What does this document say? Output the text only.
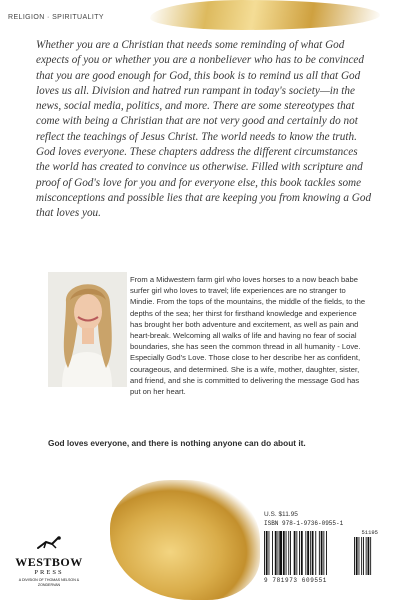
RELIGION · SPIRITUALITY

Whether you are a Christian that needs some reminding of what God expects of you or whether you are a nonbeliever who has to be convinced that you are good enough for God, this book is to remind us all that God loves us all. Division and hatred run rampant in today's society—in the news, social media, politics, and more. There are some stereotypes that come with being a Christian that are not very good and certainly do not reflect the teachings of Jesus Christ. The world needs to know the truth. God loves everyone. These chapters address the different circumstances the world has created to convince us otherwise. Filled with scripture and proof of God's love for you and for everyone else, this book tackles some misconceptions and possible lies that are keeping you from knowing a God that loves you.

From a Midwestern farm girl who loves horses to a now beach babe surfer girl who loves to travel; life experiences are no stranger to Mindie. From the tops of the mountains, the middle of the fields, to the depths of the sea; her thirst for firsthand knowledge and experience has brought her both adventure and excitement, as well as pain and heart-break. Welcoming all walks of life and having no fear of social boundaries, she has seen the common thread in all humanity - Love. Especially God's Love. Those close to her describe her as confident, courageous, and determined. She is a wife, mother, daughter, sister, and friend, and she is committed to delivering the message God has put on her heart.

God loves everyone, and there is nothing anyone can do about it.

U.S. $11.95
ISBN 978-1-9736-0955-1
51195
9 781973 609551
WESTBOW
PRESS
A DIVISION OF THOMAS NELSON & ZONDERVAN
